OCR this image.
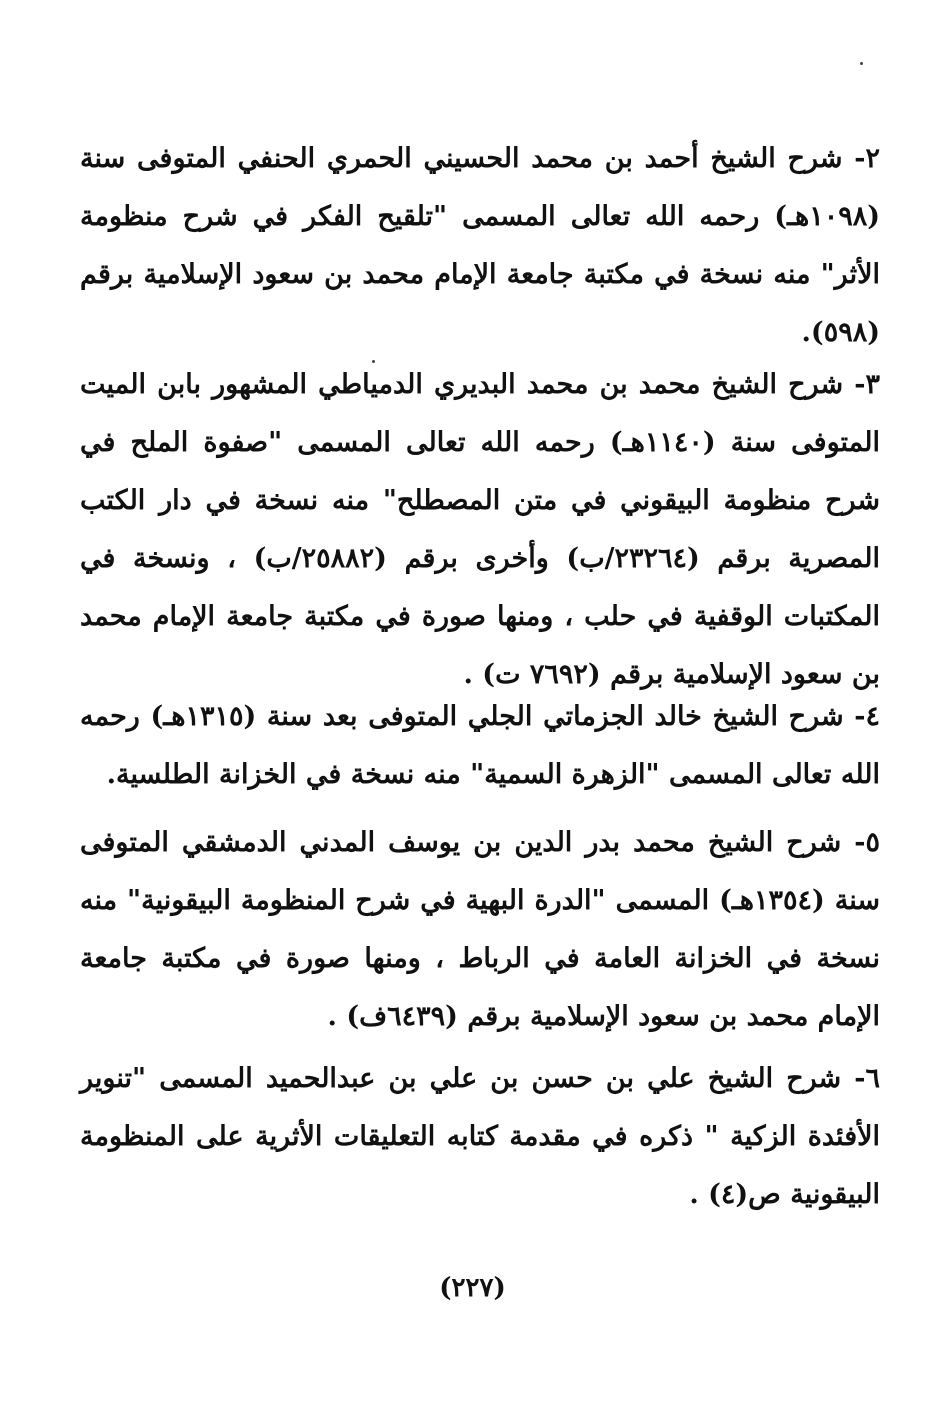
٢- شرح الشيخ أحمد بن محمد الحسيني الحمري الحنفي المتوفى سنة (١٠٩٨هـ) رحمه الله تعالى المسمى "تلقيح الفكر في شرح منظومة الأثر" منه نسخة في مكتبة جامعة الإمام محمد بن سعود الإسلامية برقم (٥٩٨).

٣- شرح الشيخ محمد بن محمد البديري الدمياطي المشهور بابن الميت المتوفى سنة (١١٤٠هـ) رحمه الله تعالى المسمى "صفوة الملح في شرح منظومة البيقوني في متن المصطلح" منه نسخة في دار الكتب المصرية برقم (٢٣٢٦٤/ب) وأخرى برقم (٢٥٨٨٢/ب) ، ونسخة في المكتبات الوقفية في حلب ، ومنها صورة في مكتبة جامعة الإمام محمد بن سعود الإسلامية برقم (٧٦٩٢ ت) .

٤- شرح الشيخ خالد الجزماتي الجلي المتوفى بعد سنة (١٣١٥هـ) رحمه الله تعالى المسمى "الزهرة السمية" منه نسخة في الخزانة الطلسية.

٥- شرح الشيخ محمد بدر الدين بن يوسف المدني الدمشقي المتوفى سنة (١٣٥٤هـ) المسمى "الدرة البهية في شرح المنظومة البيقونية" منه نسخة في الخزانة العامة في الرباط ، ومنها صورة في مكتبة جامعة الإمام محمد بن سعود الإسلامية برقم (٦٤٣٩ف) .

٦- شرح الشيخ علي بن حسن بن علي بن عبدالحميد المسمى "تنوير الأفئدة الزكية " ذكره في مقدمة كتابه التعليقات الأثرية على المنظومة البيقونية ص(٤) .

(٢٢٧)
